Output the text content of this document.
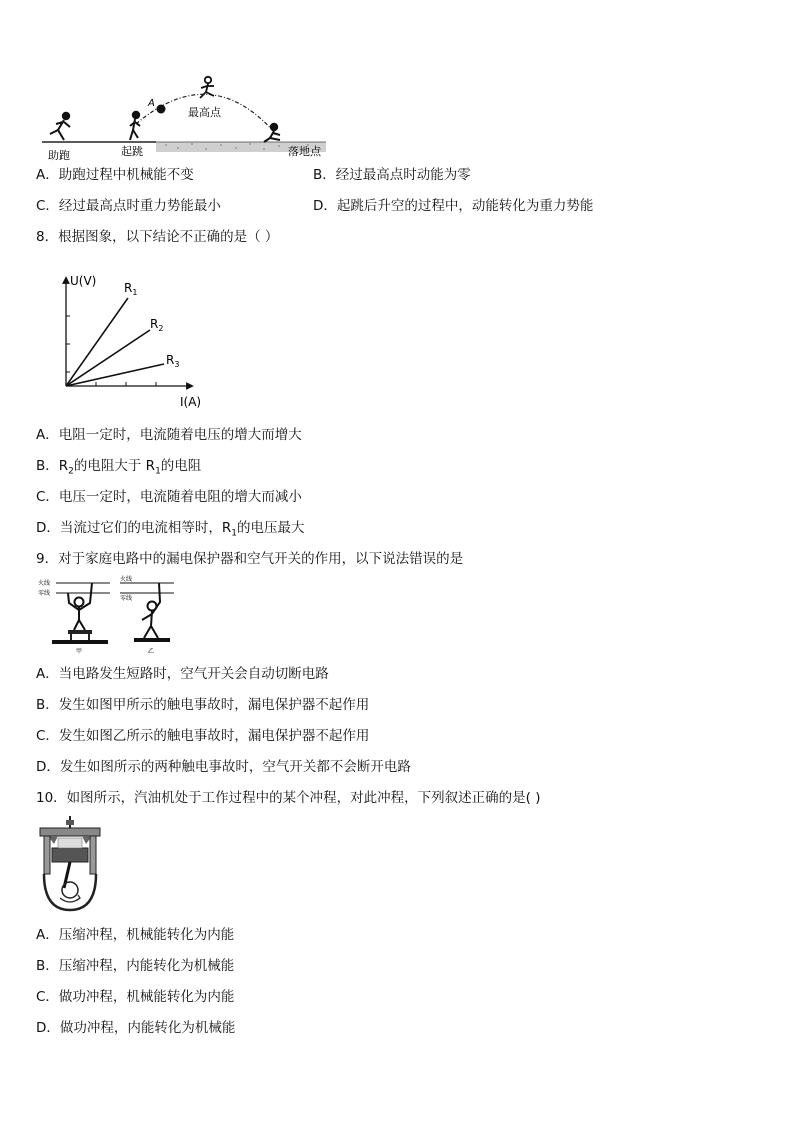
A
助跑	起跳
最高点
落地点
A．助跑过程中机械能不变	B．经过最高点时动能为零
C．经过最高点时重力势能最小	D．起跳后升空的过程中，动能转化为重力势能
8．根据图象，以下结论不正确的是（ ）
U(V)
I(A)
$R_1$
$R_2$
$R_3$
A．电阻一定时，电流随着电压的增大而增大
B．$R_2$的电阻大于 $R_1$的电阻
C．电压一定时，电流随着电阻的增大而减小
D．当流过它们的电流相等时，$R_1$的电压最大
9．对于家庭电路中的漏电保护器和空气开关的作用，以下说法错误的是
火线
零线
甲
火线
零线
乙
A．当电路发生短路时，空气开关会自动切断电路
B．发生如图甲所示的触电事故时，漏电保护器不起作用
C．发生如图乙所示的触电事故时，漏电保护器不起作用
D．发生如图所示的两种触电事故时，空气开关都不会断开电路
10．如图所示，汽油机处于工作过程中的某个冲程，对此冲程，下列叙述正确的是( )
A．压缩冲程，机械能转化为内能
B．压缩冲程，内能转化为机械能
C．做功冲程，机械能转化为内能
D．做功冲程，内能转化为机械能
